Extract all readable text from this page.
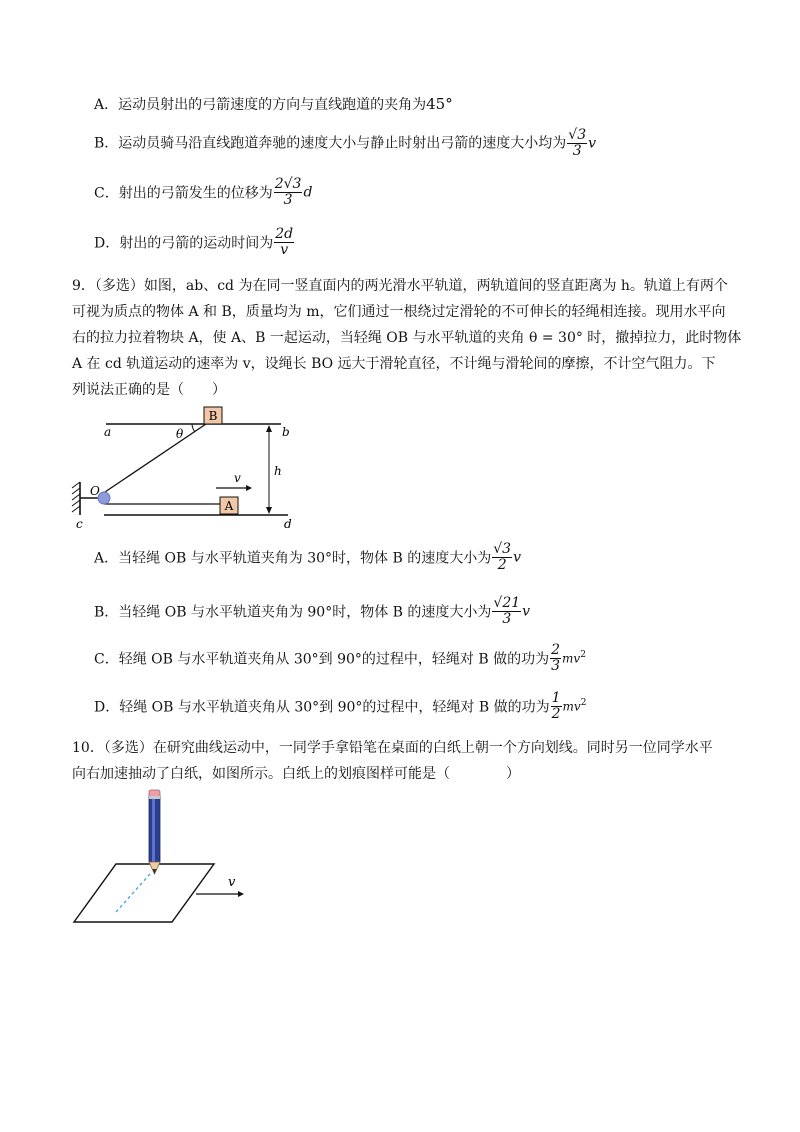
A．运动员射出的弓箭速度的方向与直线跑道的夹角为45°
B．运动员骑马沿直线跑道奔驰的速度大小与静止时射出弓箭的速度大小均为 $\frac{√3}{3}$ v
C．射出的弓箭发生的位移为 $\frac{2√3}{3}$ d
D．射出的弓箭的运动时间为 $\frac{2d}{v}$
9．（多选）如图，ab、cd 为在同一竖直面内的两光滑水平轨道，两轨道间的竖直距离为 h。轨道上有两个
可视为质点的物体 A 和 B，质量均为 m，它们通过一根绕过定滑轮的不可伸长的轻绳相连接。现用水平向
右的拉力拉着物块 A，使 A、B 一起运动，当轻绳 OB 与水平轨道的夹角 θ = 30° 时，撤掉拉力，此时物体
A 在 cd 轨道运动的速率为 v，设绳长 BO 远大于滑轮直径，不计绳与滑轮间的摩擦，不计空气阻力。下
列说法正确的是（　　）
B
A
θ
v	h
a	b
c	d
O
A．当轻绳 OB 与水平轨道夹角为 30°时，物体 B 的速度大小为 $\frac{√3}{2}$ v
B．当轻绳 OB 与水平轨道夹角为 90°时，物体 B 的速度大小为 $\frac{√21}{3}$ v
C．轻绳 OB 与水平轨道夹角从 30°到 90°的过程中，轻绳对 B 做的功为 $\frac{2}{3} mv^2$
D．轻绳 OB 与水平轨道夹角从 30°到 90°的过程中，轻绳对 B 做的功为 $\frac{1}{2} mv^2$
10．（多选）在研究曲线运动中，一同学手拿铅笔在桌面的白纸上朝一个方向划线。同时另一位同学水平
向右加速抽动了白纸，如图所示。白纸上的划痕图样可能是（　　　　）
v
